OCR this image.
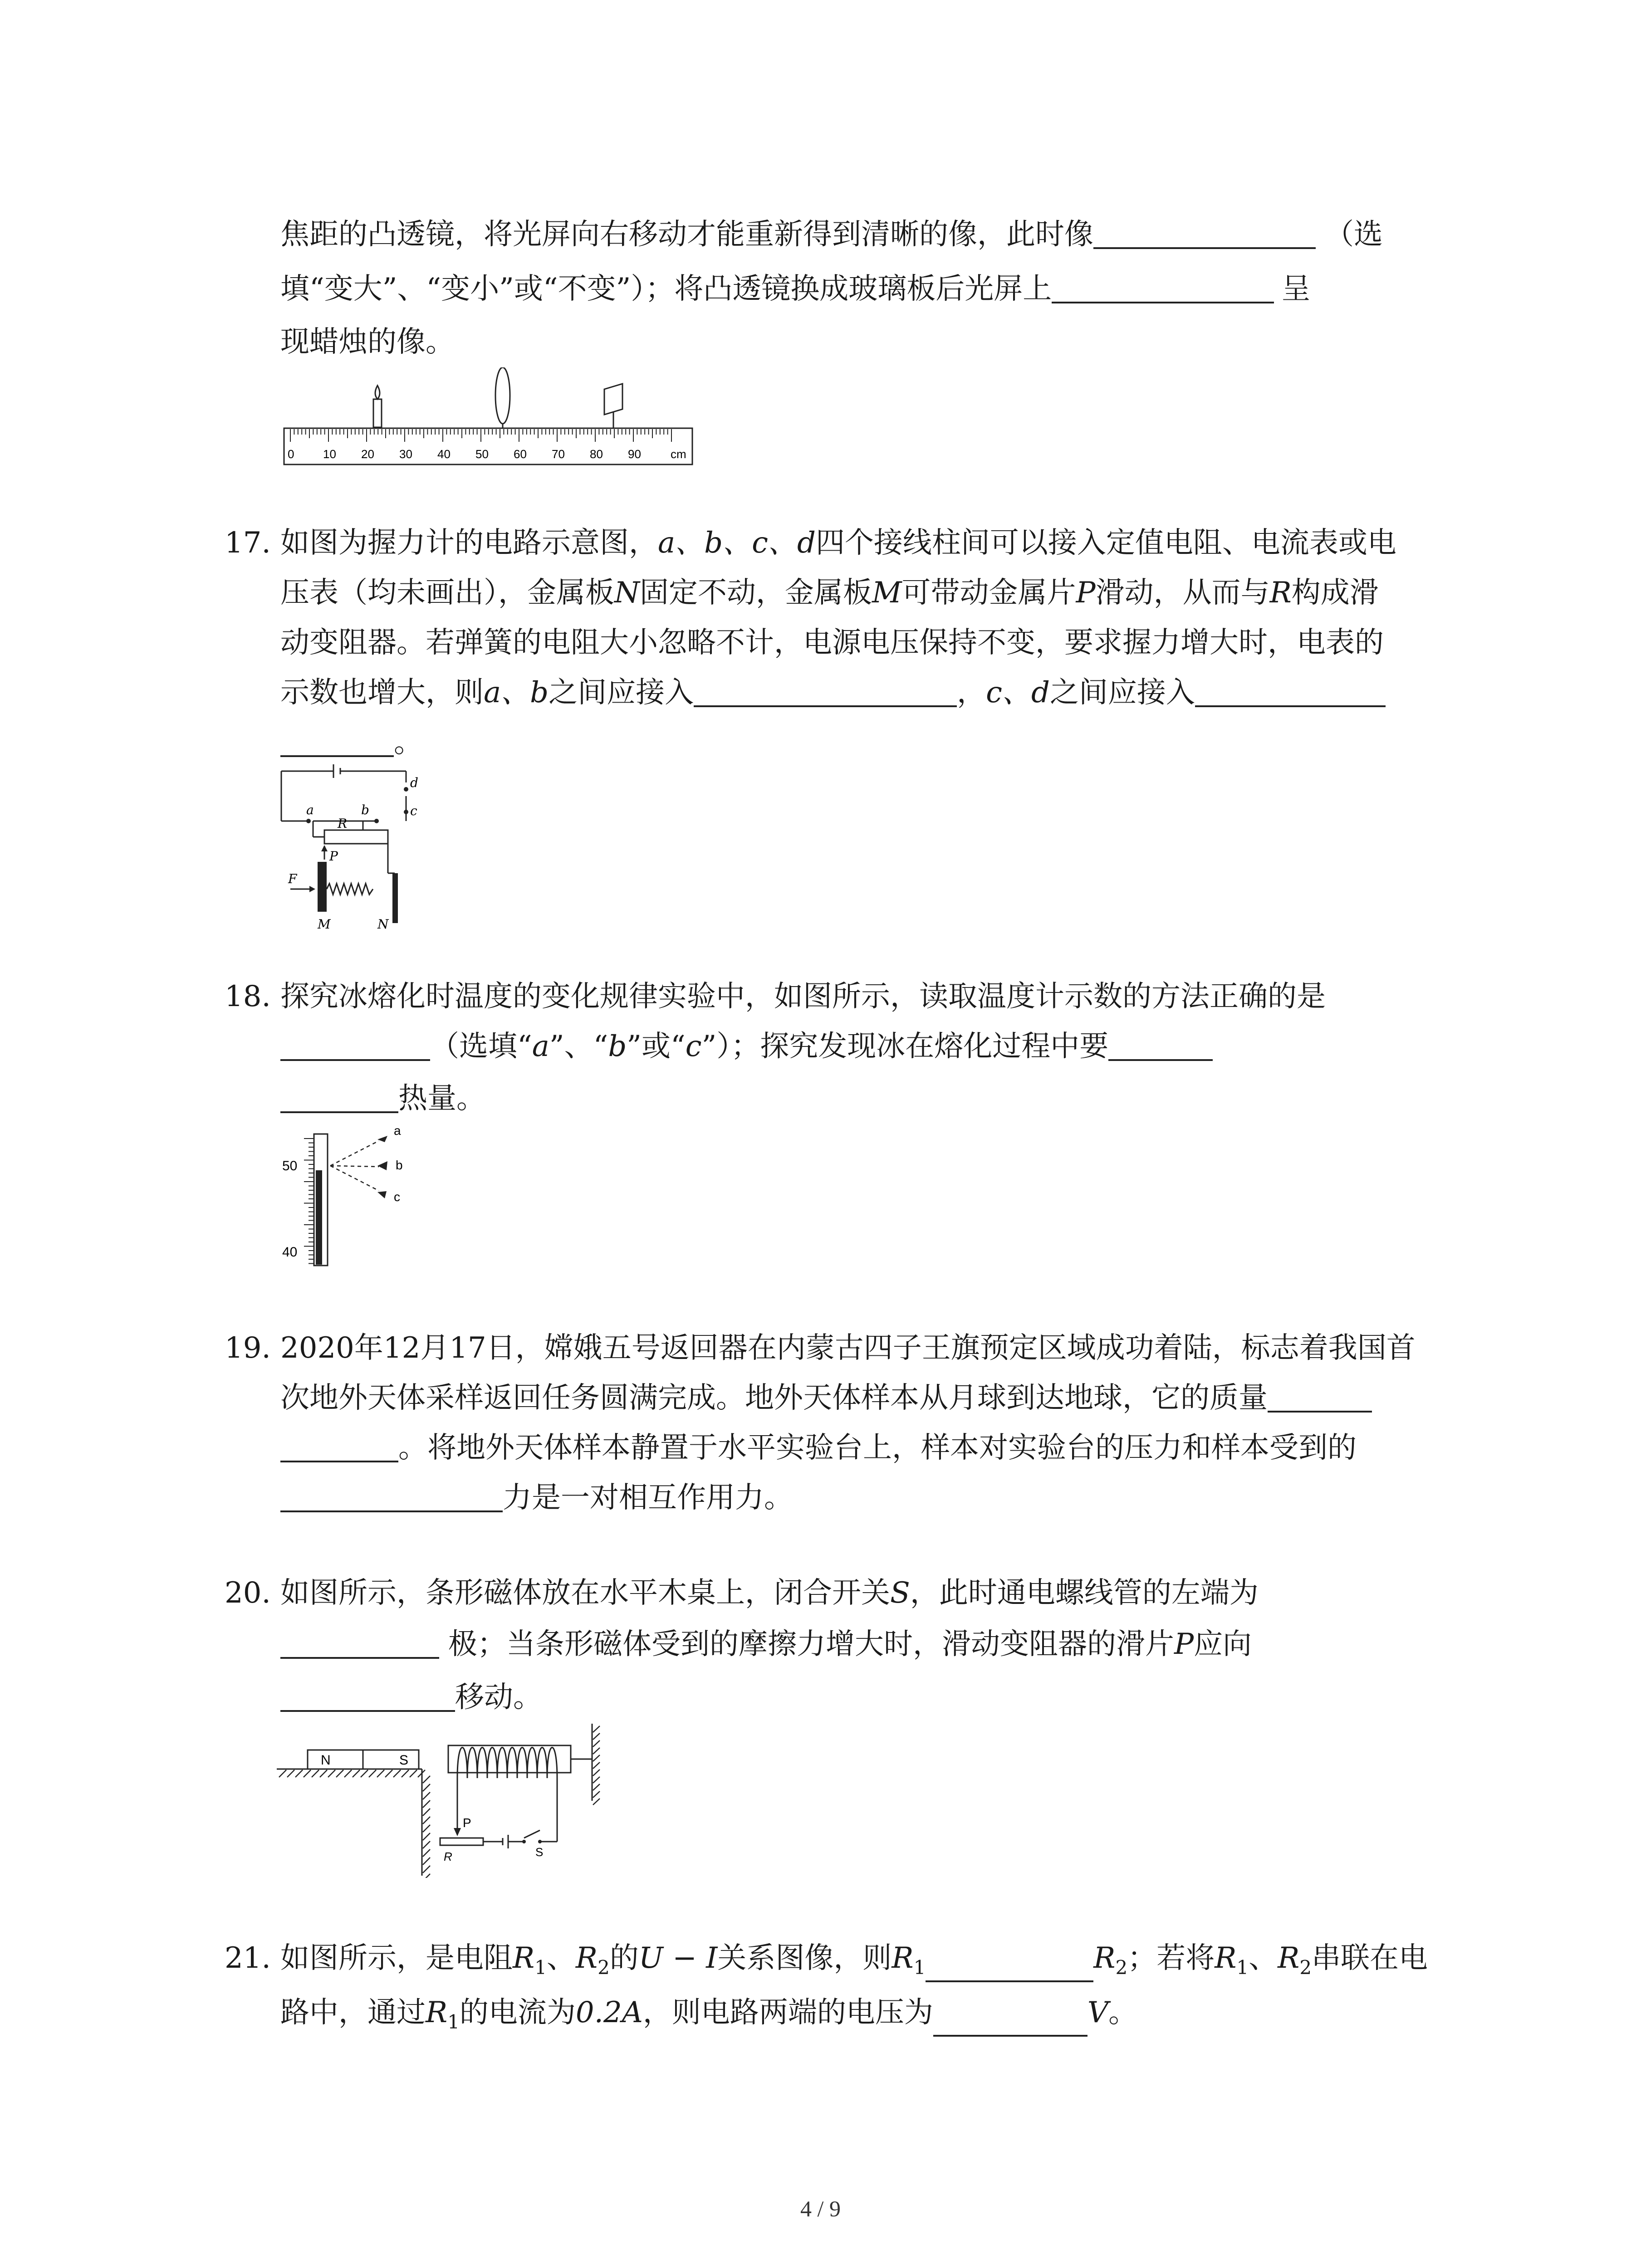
焦距的凸透镜，将光屏向右移动才能重新得到清晰的像，此时像	（选
填“变大”、“变小”或“不变”）；将凸透镜换成玻璃板后光屏上	呈
现蜡烛的像。
0 10 20 30 40 50 60 70 80 90	cm
17. 如图为握力计的电路示意图，a、b、c、d四个接线柱间可以接入定值电阻、电流表或电
压表（均未画出），金属板N固定不动，金属板M可带动金属片P滑动，从而与R构成滑
动变阻器。若弹簧的电阻大小忽略不计，电源电压保持不变，要求握力增大时，电表的
示数也增大，则a、b之间应接入	，c、d之间应接入
。
a	b	c
d
R
P
F
M	N
18. 探究冰熔化时温度的变化规律实验中，如图所示，读取温度计示数的方法正确的是
（选填“a”、“b”或“c”）；探究发现冰在熔化过程中要
热量。
50
40
a
b
c
19. 2020年12月17日，嫦娥五号返回器在内蒙古四子王旗预定区域成功着陆，标志着我国首
次地外天体采样返回任务圆满完成。地外天体样本从月球到达地球，它的质量
。将地外天体样本静置于水平实验台上，样本对实验台的压力和样本受到的
力是一对相互作用力。
20. 如图所示，条形磁体放在水平木桌上，闭合开关S，此时通电螺线管的左端为
极；当条形磁体受到的摩擦力增大时，滑动变阻器的滑片P应向
移动。
N	S
P
R	S
21. 如图所示，是电阻$R_1$、$R_2$的U − I关系图像，则$R_1$	$R_2$；若将$R_1$、$R_2$串联在电
路中，通过$R_1$的电流为0.2A，则电路两端的电压为	V。
4 / 9
